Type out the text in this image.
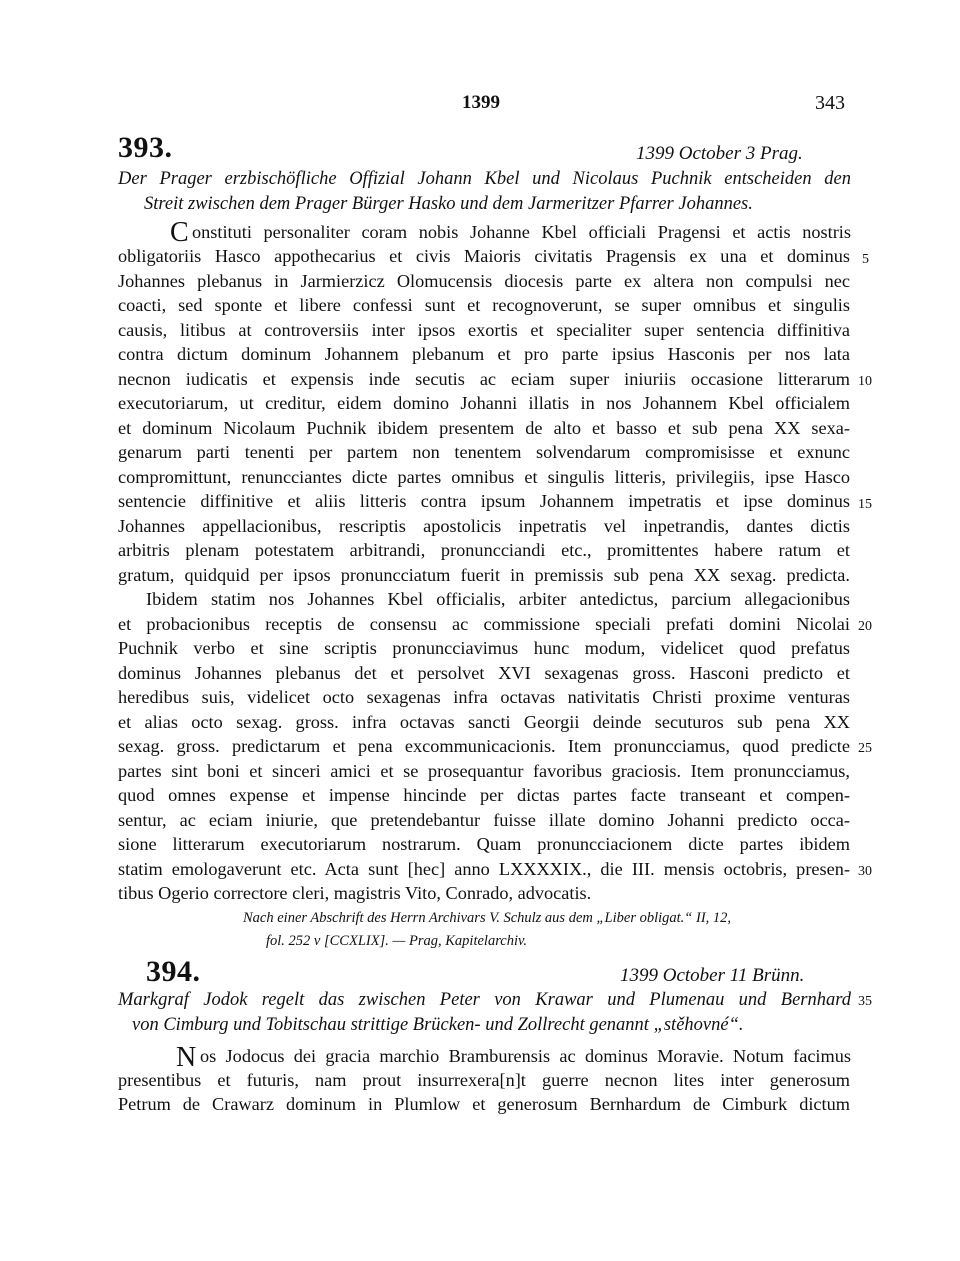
1399	343
393.	1399 October 3 Prag.
Der Prager erzbischöfliche Offizial Johann Kbel und Nicolaus Puchnik entscheiden den
Streit zwischen dem Prager Bürger Hasko und dem Jarmeritzer Pfarrer Johannes.
C onstituti personaliter coram nobis Johanne Kbel officiali Pragensi et actis nostris
obligatoriis Hasco appothecarius et civis Maioris civitatis Pragensis ex una et dominus
Johannes plebanus in Jarmierzicz Olomucensis diocesis parte ex altera non compulsi nec
coacti, sed sponte et libere confessi sunt et recognoverunt, se super omnibus et singulis
causis, litibus at controversiis inter ipsos exortis et specialiter super sentencia diffinitiva
contra dictum dominum Johannem plebanum et pro parte ipsius Hasconis per nos lata
necnon iudicatis et expensis inde secutis ac eciam super iniuriis occasione litterarum
executoriarum, ut creditur, eidem domino Johanni illatis in nos Johannem Kbel officialem
et dominum Nicolaum Puchnik ibidem presentem de alto et basso et sub pena XX sexa-
genarum parti tenenti per partem non tenentem solvendarum compromisisse et exnunc
compromittunt, renuncciantes dicte partes omnibus et singulis litteris, privilegiis, ipse Hasco
sentencie diffinitive et aliis litteris contra ipsum Johannem impetratis et ipse dominus
Johannes appellacionibus, rescriptis apostolicis inpetratis vel inpetrandis, dantes dictis
arbitris plenam potestatem arbitrandi, pronuncciandi etc., promittentes habere ratum et
gratum, quidquid per ipsos pronuncciatum fuerit in premissis sub pena XX sexag. predicta.
Ibidem statim nos Johannes Kbel officialis, arbiter antedictus, parcium allegacionibus
et probacionibus receptis de consensu ac commissione speciali prefati domini Nicolai
Puchnik verbo et sine scriptis pronuncciavimus hunc modum, videlicet quod prefatus
dominus Johannes plebanus det et persolvet XVI sexagenas gross. Hasconi predicto et
heredibus suis, videlicet octo sexagenas infra octavas nativitatis Christi proxime venturas
et alias octo sexag. gross. infra octavas sancti Georgii deinde secuturos sub pena XX
sexag. gross. predictarum et pena excommunicacionis. Item pronuncciamus, quod predicte
partes sint boni et sinceri amici et se prosequantur favoribus graciosis. Item pronuncciamus,
quod omnes expense et impense hincinde per dictas partes facte transeant et compen-
sentur, ac eciam iniurie, que pretendebantur fuisse illate domino Johanni predicto occa-
sione litterarum executoriarum nostrarum. Quam pronuncciacionem dicte partes ibidem
statim emologaverunt etc. Acta sunt [hec] anno LXXXXIX., die III. mensis octobris, presen-
tibus Ogerio correctore cleri, magistris Vito, Conrado, advocatis.
Nach einer Abschrift des Herrn Archivars V. Schulz aus dem „Liber obligat.“ II, 12,
fol. 252 v [CCXLIX]. — Prag, Kapitelarchiv.
394.	1399 October 11 Brünn.
Markgraf Jodok regelt das zwischen Peter von Krawar und Plumenau und Bernhard
von Cimburg und Tobitschau strittige Brücken- und Zollrecht genannt „stěhovné“.
N os Jodocus dei gracia marchio Bramburensis ac dominus Moravie. Notum facimus
presentibus et futuris, nam prout insurrexera[n]t guerre necnon lites inter generosum
Petrum de Crawarz dominum in Plumlow et generosum Bernhardum de Cimburk dictum
5
10
15
20
25
30
35
